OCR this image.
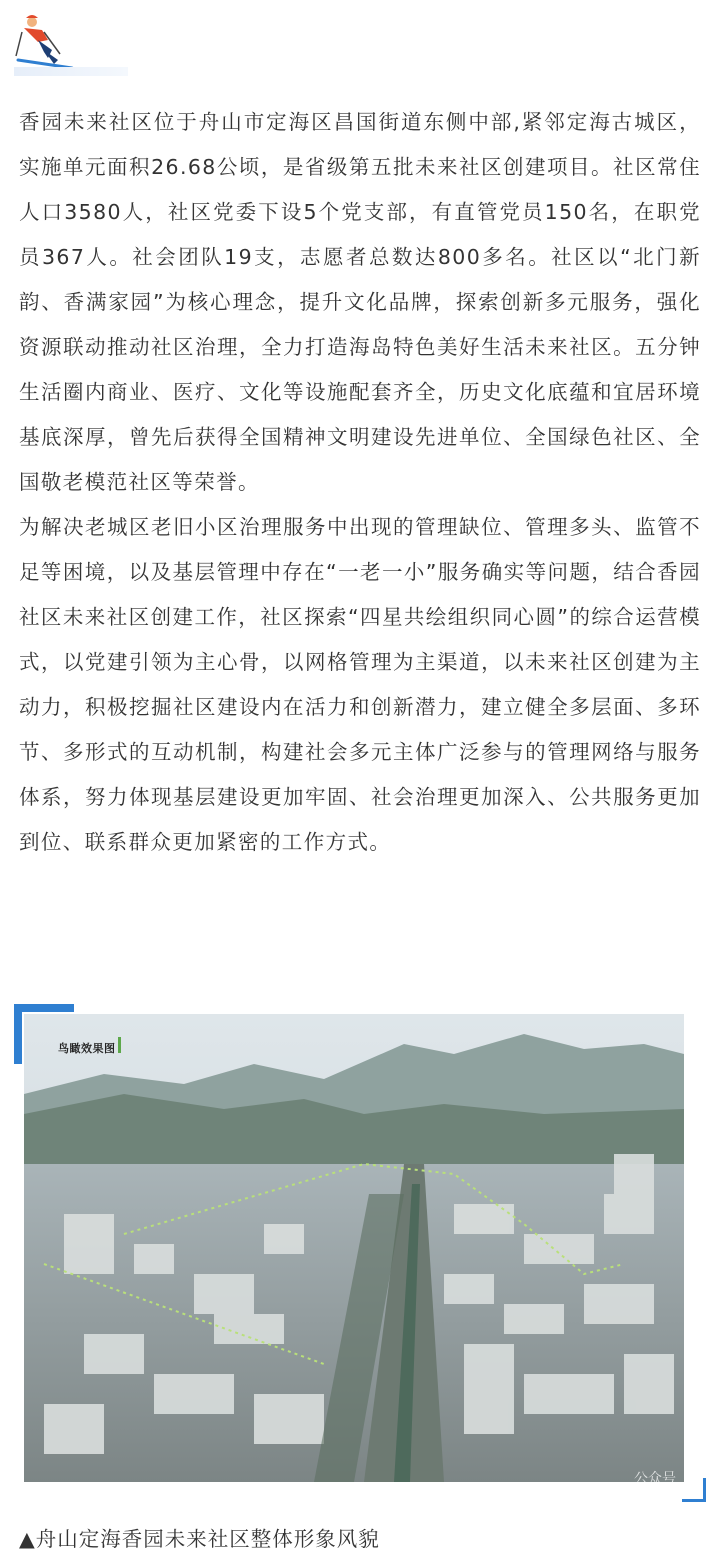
香园未来社区位于舟山市定海区昌国街道东侧中部,紧邻定海古城区，实施单元面积26.68公顷，是省级第五批未来社区创建项目。社区常住人口3580人，社区党委下设5个党支部，有直管党员150名，在职党员367人。社会团队19支，志愿者总数达800多名。社区以“北门新韵、香满家园”为核心理念，提升文化品牌，探索创新多元服务，强化资源联动推动社区治理，全力打造海岛特色美好生活未来社区。五分钟生活圈内商业、医疗、文化等设施配套齐全，历史文化底蕴和宜居环境基底深厚，曾先后获得全国精神文明建设先进单位、全国绿色社区、全国敬老模范社区等荣誉。

为解决老城区老旧小区治理服务中出现的管理缺位、管理多头、监管不足等困境，以及基层管理中存在“一老一小”服务确实等问题，结合香园社区未来社区创建工作，社区探索“四星共绘组织同心圆”的综合运营模式，以党建引领为主心骨，以网格管理为主渠道，以未来社区创建为主动力，积极挖掘社区建设内在活力和创新潜力，建立健全多层面、多环节、多形式的互动机制，构建社会多元主体广泛参与的管理网络与服务体系，努力体现基层建设更加牢固、社会治理更加深入、公共服务更加到位、联系群众更加紧密的工作方式。

鸟瞰效果图
公众号
▲舟山定海香园未来社区整体形象风貌
